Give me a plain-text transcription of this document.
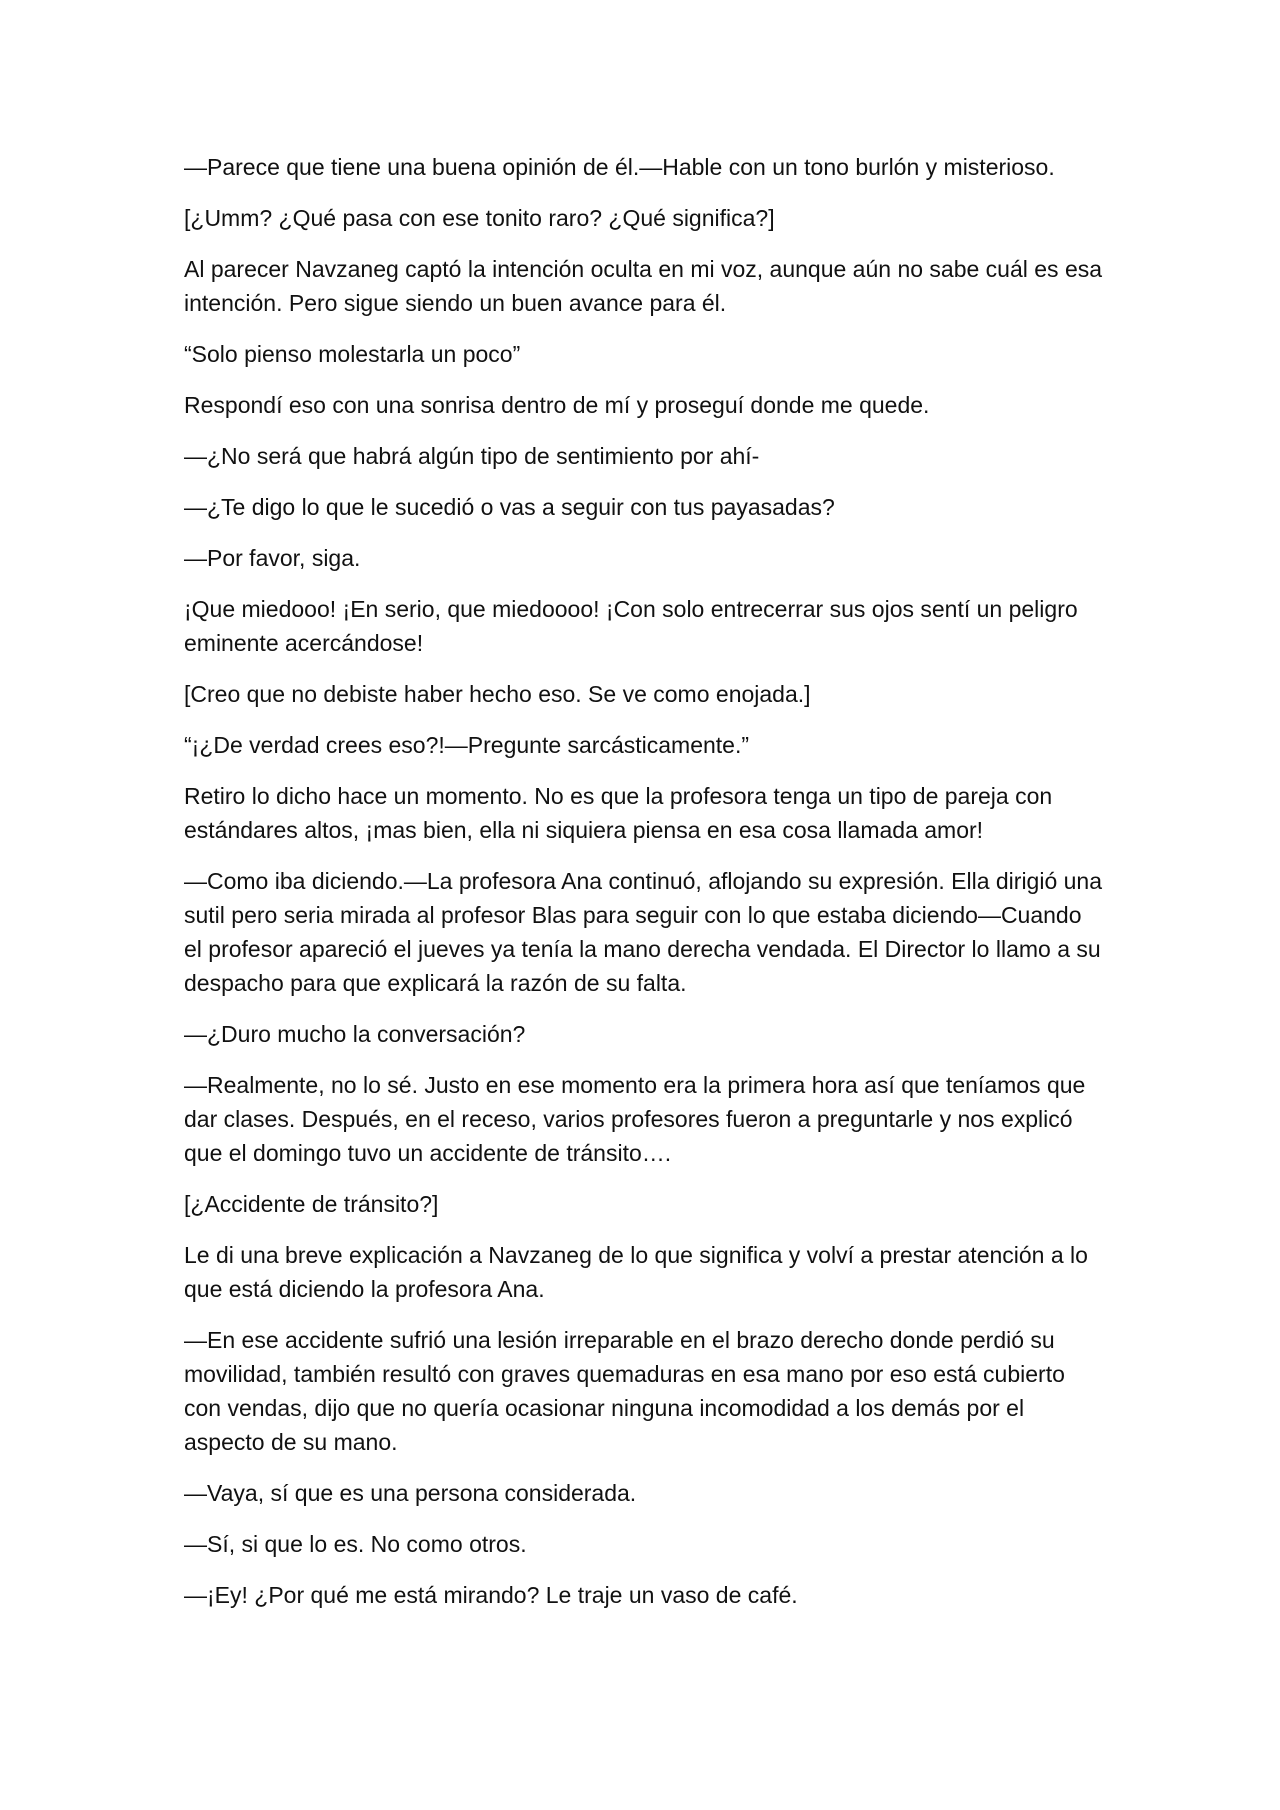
—Parece que tiene una buena opinión de él.—Hable con un tono burlón y misterioso.

[¿Umm? ¿Qué pasa con ese tonito raro? ¿Qué significa?]

Al parecer Navzaneg captó la intención oculta en mi voz, aunque aún no sabe cuál es esa intención. Pero sigue siendo un buen avance para él.

“Solo pienso molestarla un poco”

Respondí eso con una sonrisa dentro de mí y proseguí donde me quede.

—¿No será que habrá algún tipo de sentimiento por ahí-

—¿Te digo lo que le sucedió o vas a seguir con tus payasadas?

—Por favor, siga.

¡Que miedooo! ¡En serio, que miedoooo! ¡Con solo entrecerrar sus ojos sentí un peligro eminente acercándose!

[Creo que no debiste haber hecho eso. Se ve como enojada.]

“¡¿De verdad crees eso?!—Pregunte sarcásticamente.”

Retiro lo dicho hace un momento. No es que la profesora tenga un tipo de pareja con estándares altos, ¡mas bien, ella ni siquiera piensa en esa cosa llamada amor!

—Como iba diciendo.—La profesora Ana continuó, aflojando su expresión. Ella dirigió una sutil pero seria mirada al profesor Blas para seguir con lo que estaba diciendo—Cuando el profesor apareció el jueves ya tenía la mano derecha vendada. El Director lo llamo a su despacho para que explicará la razón de su falta.

—¿Duro mucho la conversación?

—Realmente, no lo sé. Justo en ese momento era la primera hora así que teníamos que dar clases. Después, en el receso, varios profesores fueron a preguntarle y nos explicó que el domingo tuvo un accidente de tránsito….

[¿Accidente de tránsito?]

Le di una breve explicación a Navzaneg de lo que significa y volví a prestar atención a lo que está diciendo la profesora Ana.

—En ese accidente sufrió una lesión irreparable en el brazo derecho donde perdió su movilidad, también resultó con graves quemaduras en esa mano por eso está cubierto con vendas, dijo que no quería ocasionar ninguna incomodidad a los demás por el aspecto de su mano.

—Vaya, sí que es una persona considerada.

—Sí, si que lo es. No como otros.

—¡Ey! ¿Por qué me está mirando? Le traje un vaso de café.
